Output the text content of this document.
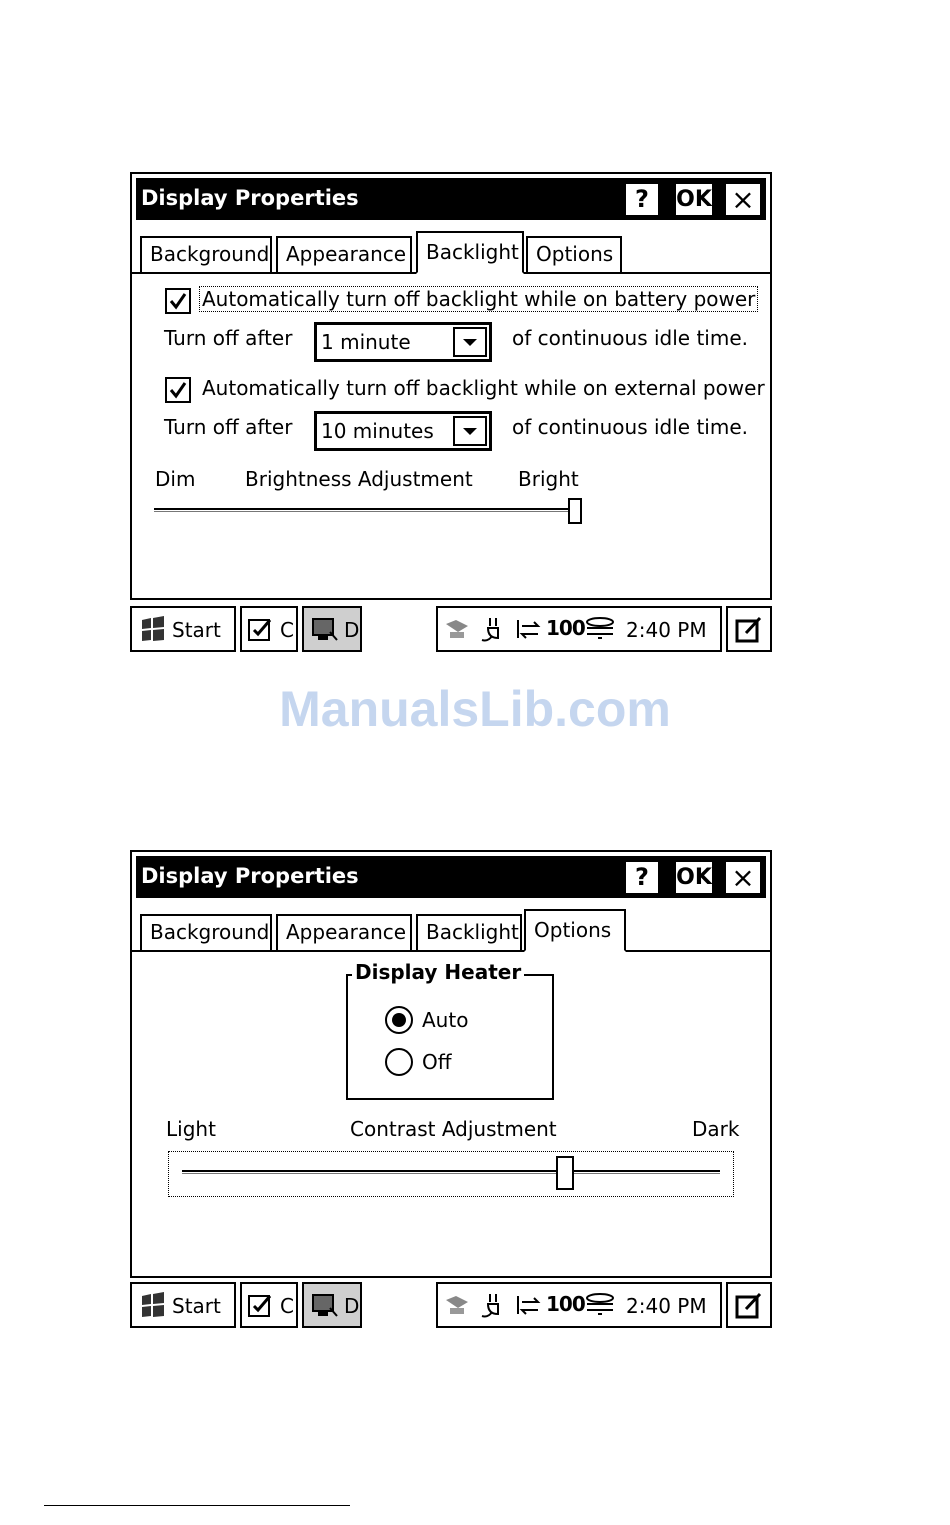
Display Properties	?	OK ×
Background Appearance Backlight Options
Automatically turn off backlight while on battery power
Turn off after 1 minute	of continuous idle time.
Automatically turn off backlight while on external power
Turn off after 10 minutes	of continuous idle time.
Dim Brightness Adjustment Bright
Start	C	D	100 2:40 PM
ManualsLib.com
Display Properties	?	OK ×
Background Appearance Backlight Options
Display Heater
Auto
Off
Light	Contrast Adjustment	Dark
Start	C	D	100 2:40 PM
